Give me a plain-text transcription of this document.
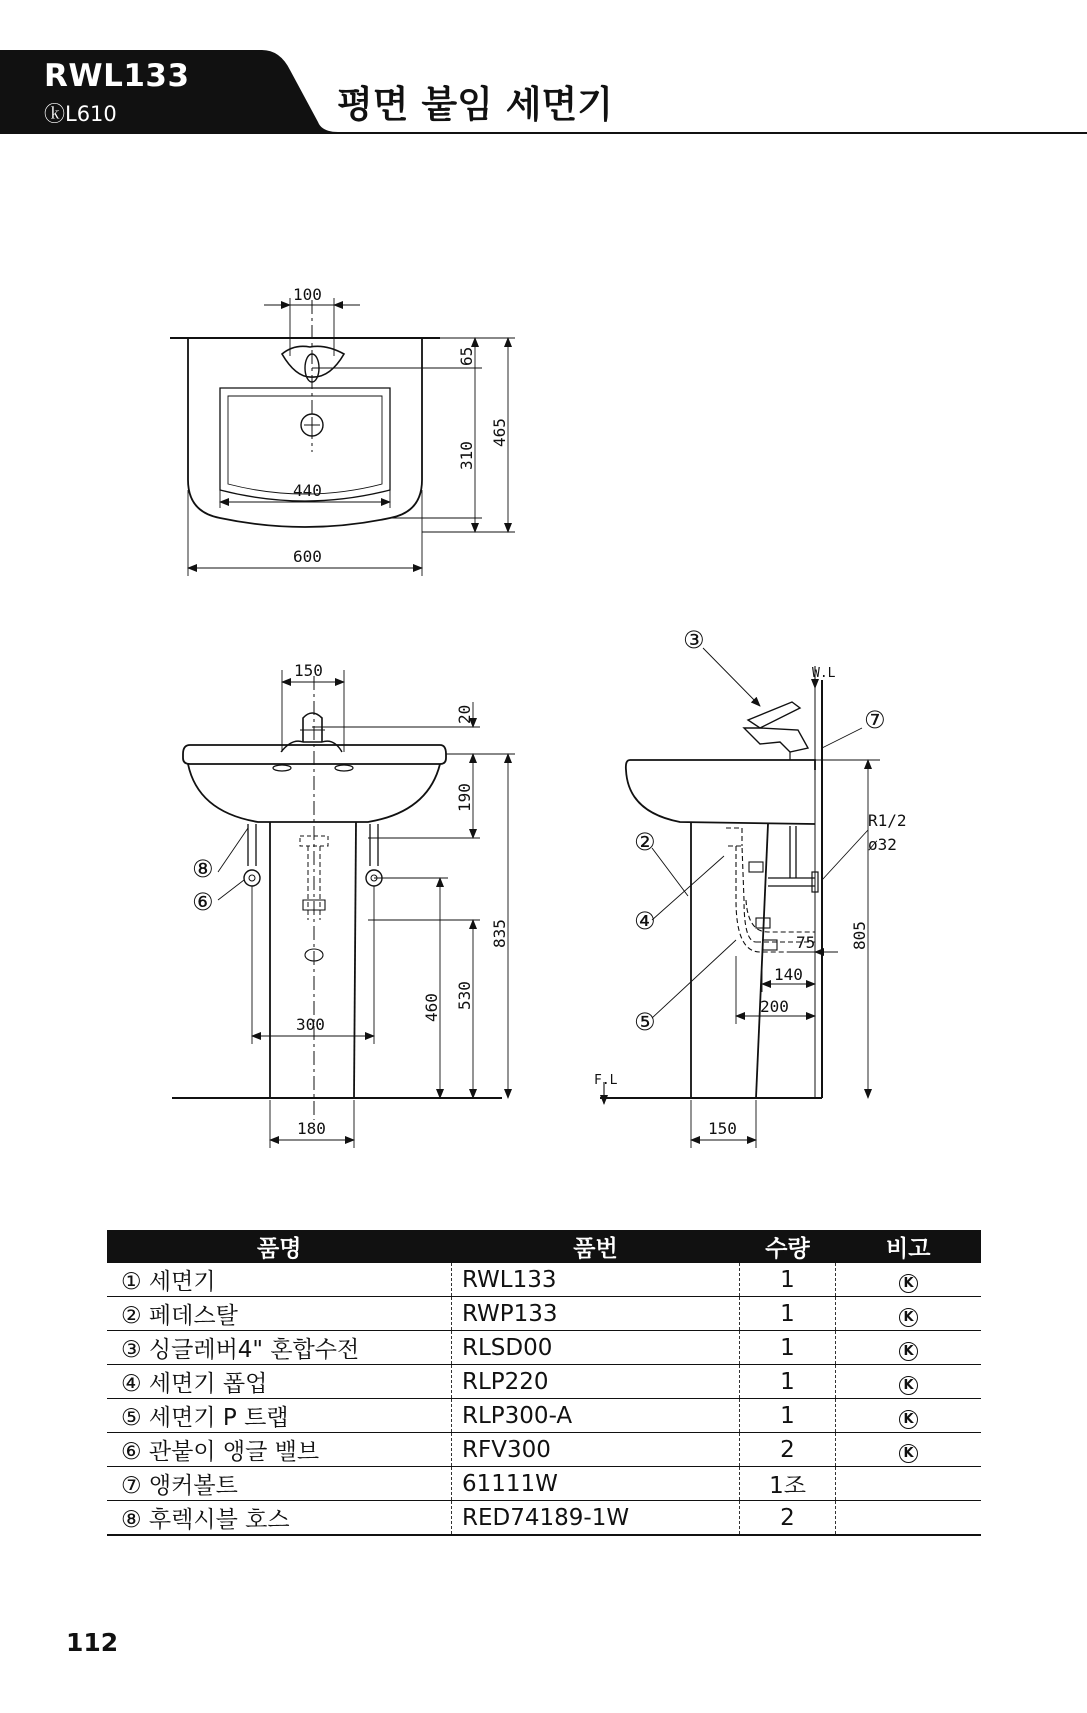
RWL133
ⓚL610	평면 붙임 세면기
100
65
310
465
440
600
150
20
190
835
530
460
300
180
W.L
F.L
R1/2
ø32
805
75
140
200
150
⑧
⑥
③
⑦
②
④
⑤
품명	품번	수량	비고
① 세면기	RWL133	1	K
② 페데스탈	RWP133	1	K
③ 싱글레버4" 혼합수전	RLSD00	1	K
④ 세면기 폽업	RLP220	1	K
⑤ 세면기 P 트랩	RLP300-A	1	K
⑥ 관붙이 앵글 밸브	RFV300	2	K
⑦ 앵커볼트	61111W	1조	
⑧ 후렉시블 호스	RED74189-1W	2	
112
